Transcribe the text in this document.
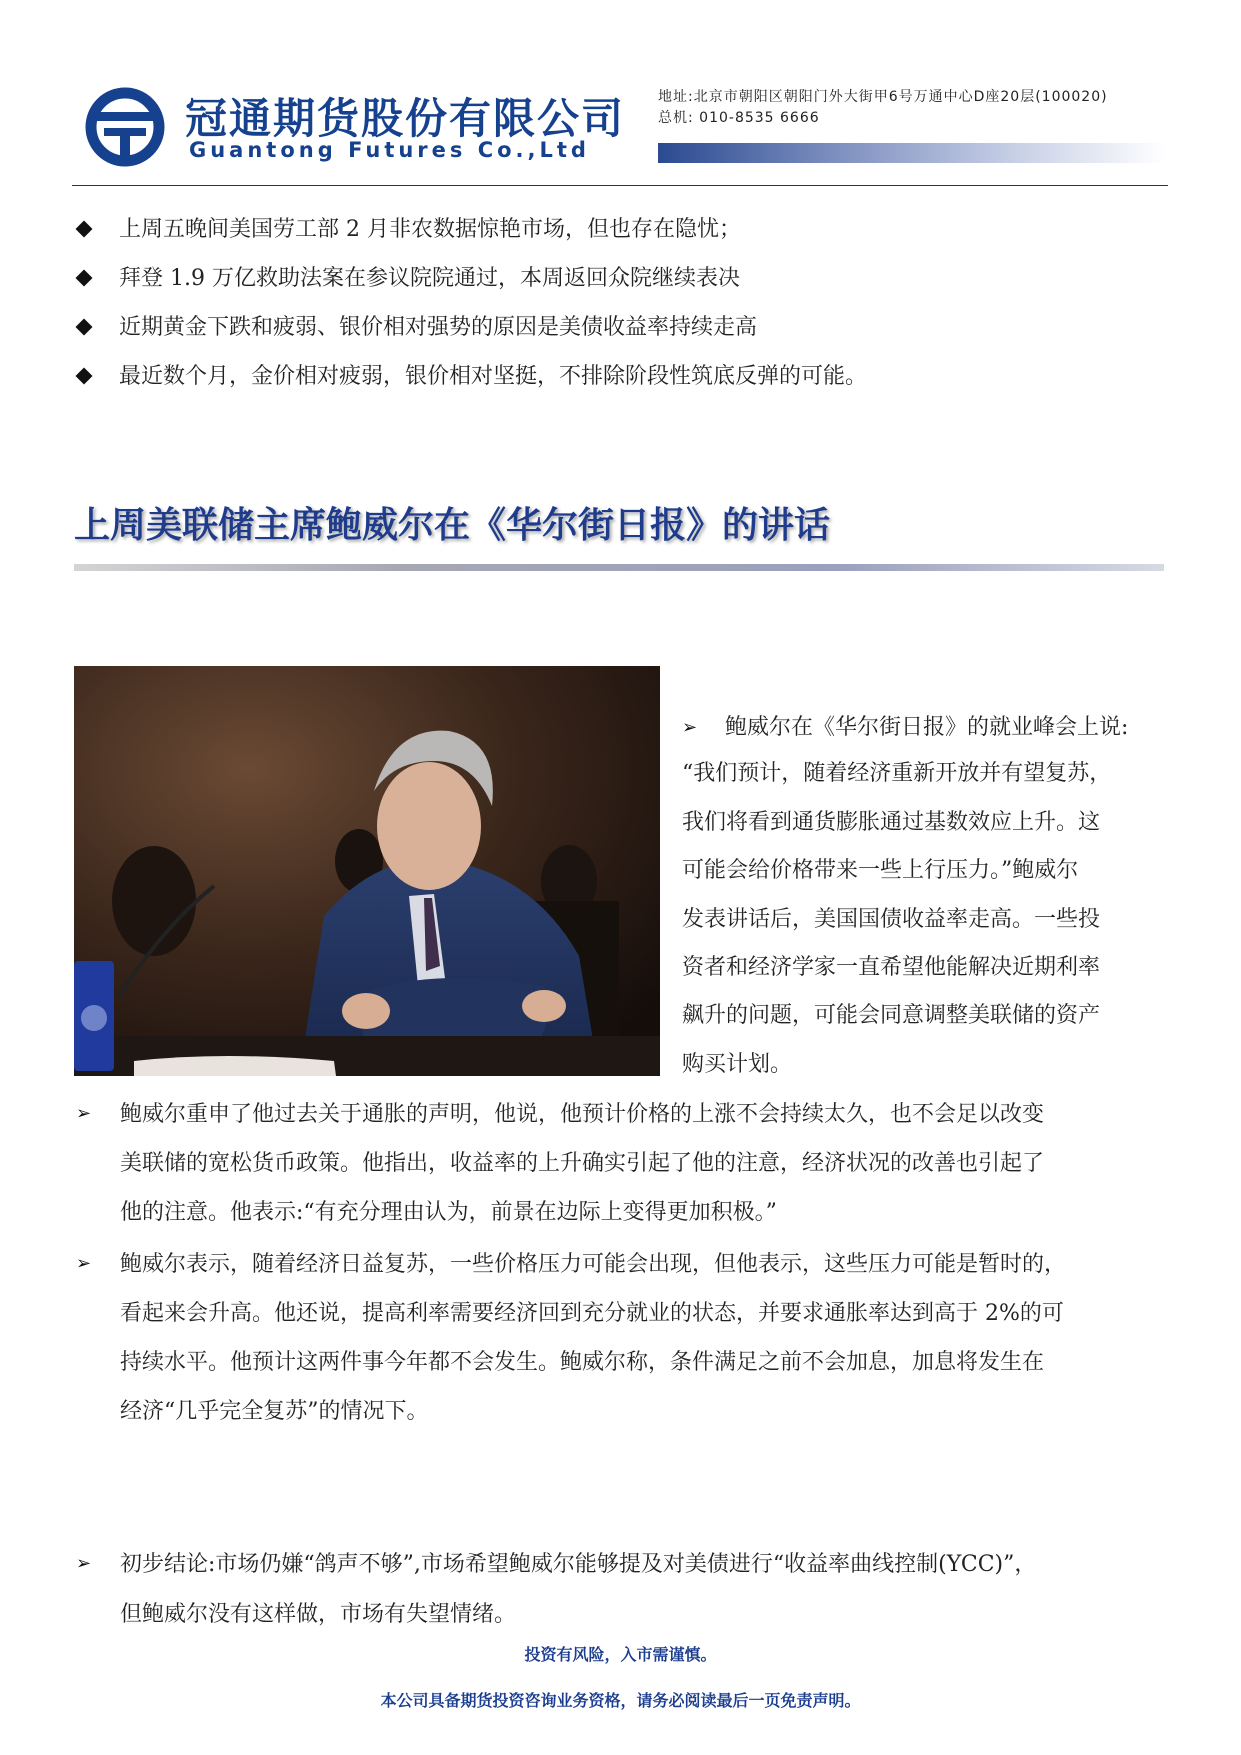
冠通期货股份有限公司
Guantong Futures Co.,Ltd
地址:北京市朝阳区朝阳门外大街甲6号万通中心D座20层(100020)
总机: 010-8535 6666
上周五晚间美国劳工部 2 月非农数据惊艳市场，但也存在隐忧；
拜登 1.9 万亿救助法案在参议院院通过，本周返回众院继续表决
近期黄金下跌和疲弱、银价相对强势的原因是美债收益率持续走高
最近数个月，金价相对疲弱，银价相对坚挺，不排除阶段性筑底反弹的可能。
上周美联储主席鲍威尔在《华尔街日报》的讲话
➢ 鲍威尔在《华尔街日报》的就业峰会上说:
“我们预计，随着经济重新开放并有望复苏，
我们将看到通货膨胀通过基数效应上升。这
可能会给价格带来一些上行压力。”鲍威尔
发表讲话后，美国国债收益率走高。一些投
资者和经济学家一直希望他能解决近期利率
飙升的问题，可能会同意调整美联储的资产
购买计划。
➢ 鲍威尔重申了他过去关于通胀的声明，他说，他预计价格的上涨不会持续太久，也不会足以改变
美联储的宽松货币政策。他指出，收益率的上升确实引起了他的注意，经济状况的改善也引起了
他的注意。他表示:“有充分理由认为，前景在边际上变得更加积极。”
➢ 鲍威尔表示，随着经济日益复苏，一些价格压力可能会出现，但他表示，这些压力可能是暂时的，
看起来会升高。他还说，提高利率需要经济回到充分就业的状态，并要求通胀率达到高于 2%的可
持续水平。他预计这两件事今年都不会发生。鲍威尔称，条件满足之前不会加息，加息将发生在
经济“几乎完全复苏”的情况下。
➢ 初步结论:市场仍嫌“鸽声不够”,市场希望鲍威尔能够提及对美债进行“收益率曲线控制(YCC)”，
但鲍威尔没有这样做，市场有失望情绪。
投资有风险，入市需谨慎。
本公司具备期货投资咨询业务资格，请务必阅读最后一页免责声明。
